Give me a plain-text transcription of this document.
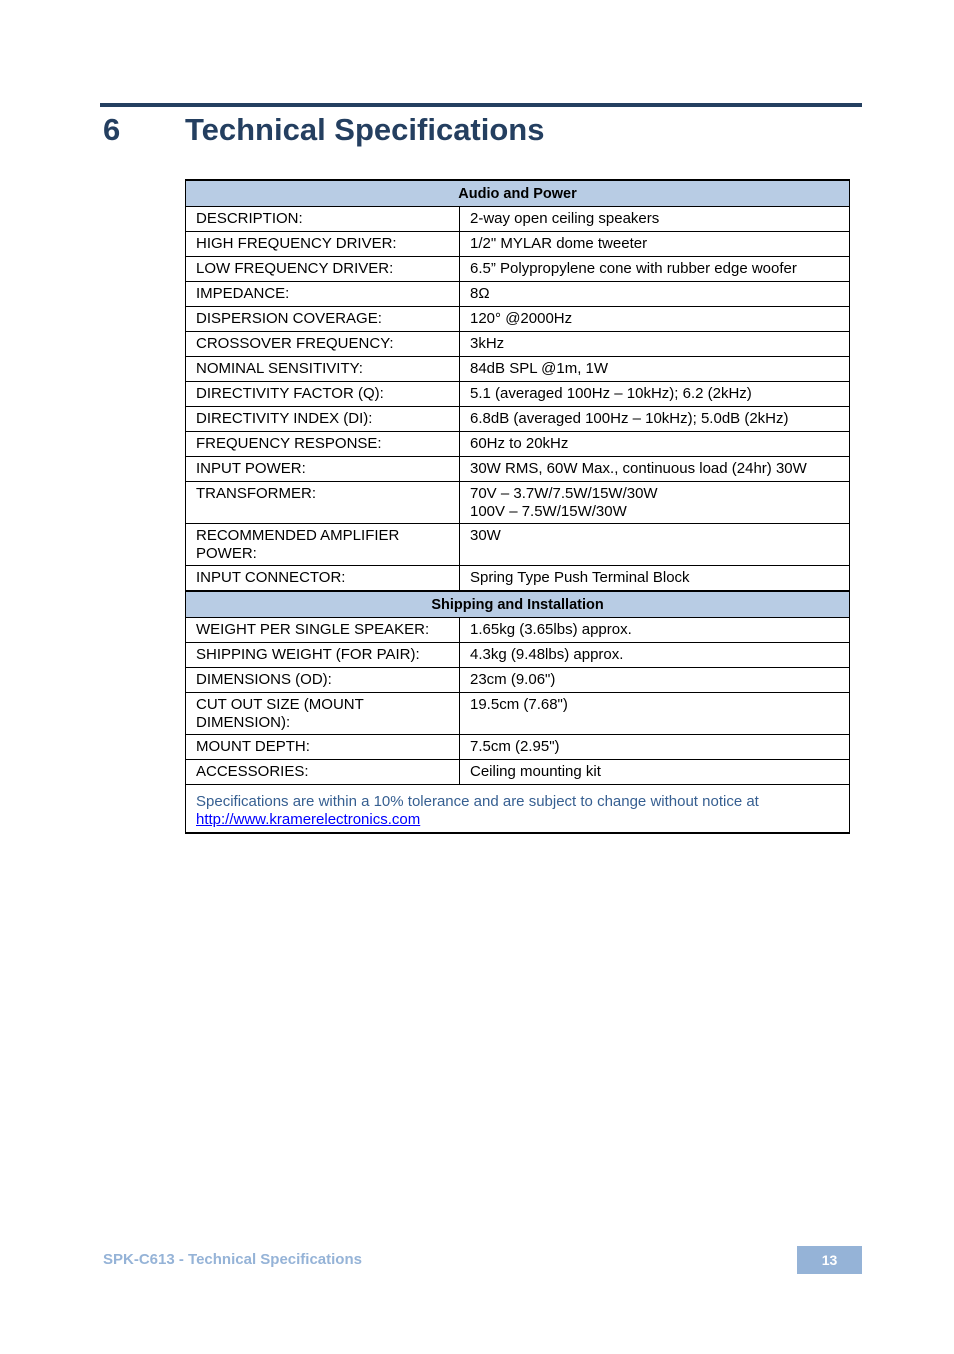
6 Technical Specifications
Audio and Power	
DESCRIPTION:	2-way open ceiling speakers
HIGH FREQUENCY DRIVER:	1/2" MYLAR dome tweeter
LOW FREQUENCY DRIVER:	6.5” Polypropylene cone with rubber edge woofer
IMPEDANCE:	8Ω
DISPERSION COVERAGE:	120° @2000Hz
CROSSOVER FREQUENCY:	3kHz
NOMINAL SENSITIVITY:	84dB SPL @1m, 1W
DIRECTIVITY FACTOR (Q):	5.1 (averaged 100Hz – 10kHz); 6.2 (2kHz)
DIRECTIVITY INDEX (DI):	6.8dB (averaged 100Hz – 10kHz); 5.0dB (2kHz)
FREQUENCY RESPONSE:	60Hz to 20kHz
INPUT POWER:	30W RMS, 60W Max., continuous load (24hr) 30W
TRANSFORMER:	70V – 3.7W/7.5W/15W/30W
100V – 7.5W/15W/30W

RECOMMENDED AMPLIFIER POWER:	30W
INPUT CONNECTOR:	Spring Type Push Terminal Block
Shipping and Installation	
WEIGHT PER SINGLE SPEAKER:	1.65kg (3.65lbs) approx.
SHIPPING WEIGHT (FOR PAIR):	4.3kg (9.48lbs) approx.
DIMENSIONS (OD):	23cm (9.06")
CUT OUT SIZE (MOUNT DIMENSION):	19.5cm (7.68")
MOUNT DEPTH:	7.5cm (2.95")
ACCESSORIES:	Ceiling mounting kit

Specifications are within a 10% tolerance and are subject to change without notice at
http://www.kramerelectronics.com	
SPK-C613 - Technical Specifications	13
